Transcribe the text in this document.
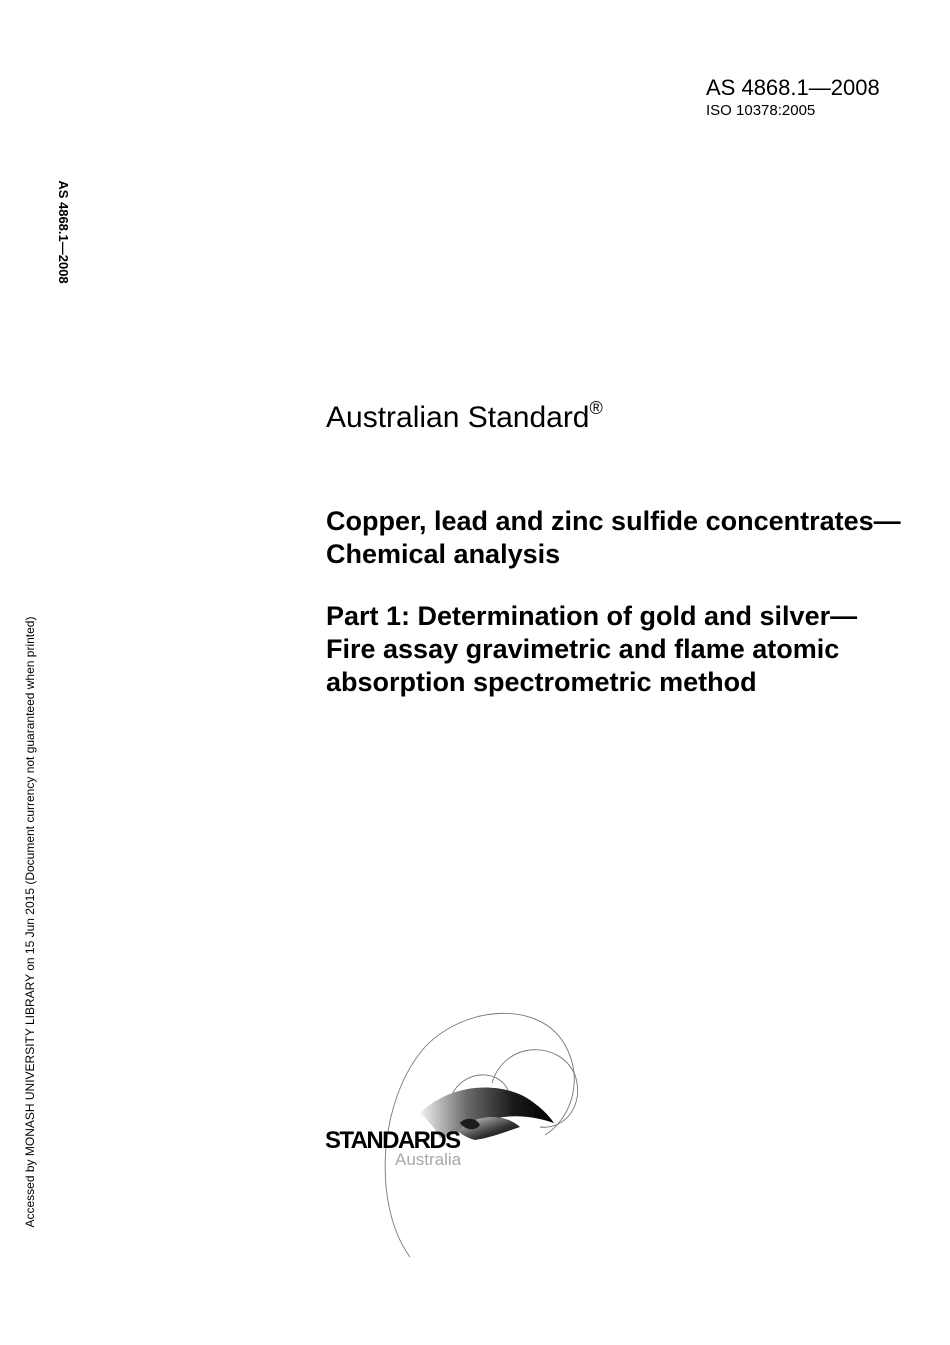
AS 4868.1—2008
ISO 10378:2005
AS 4868.1—2008
Accessed by MONASH UNIVERSITY LIBRARY on 15 Jun 2015 (Document currency not guaranteed when printed)
Australian Standard®
Copper, lead and zinc sulfide concentrates—Chemical analysis
Part 1: Determination of gold and silver—Fire assay gravimetric and flame atomic absorption spectrometric method
STANDARDS
Australia
